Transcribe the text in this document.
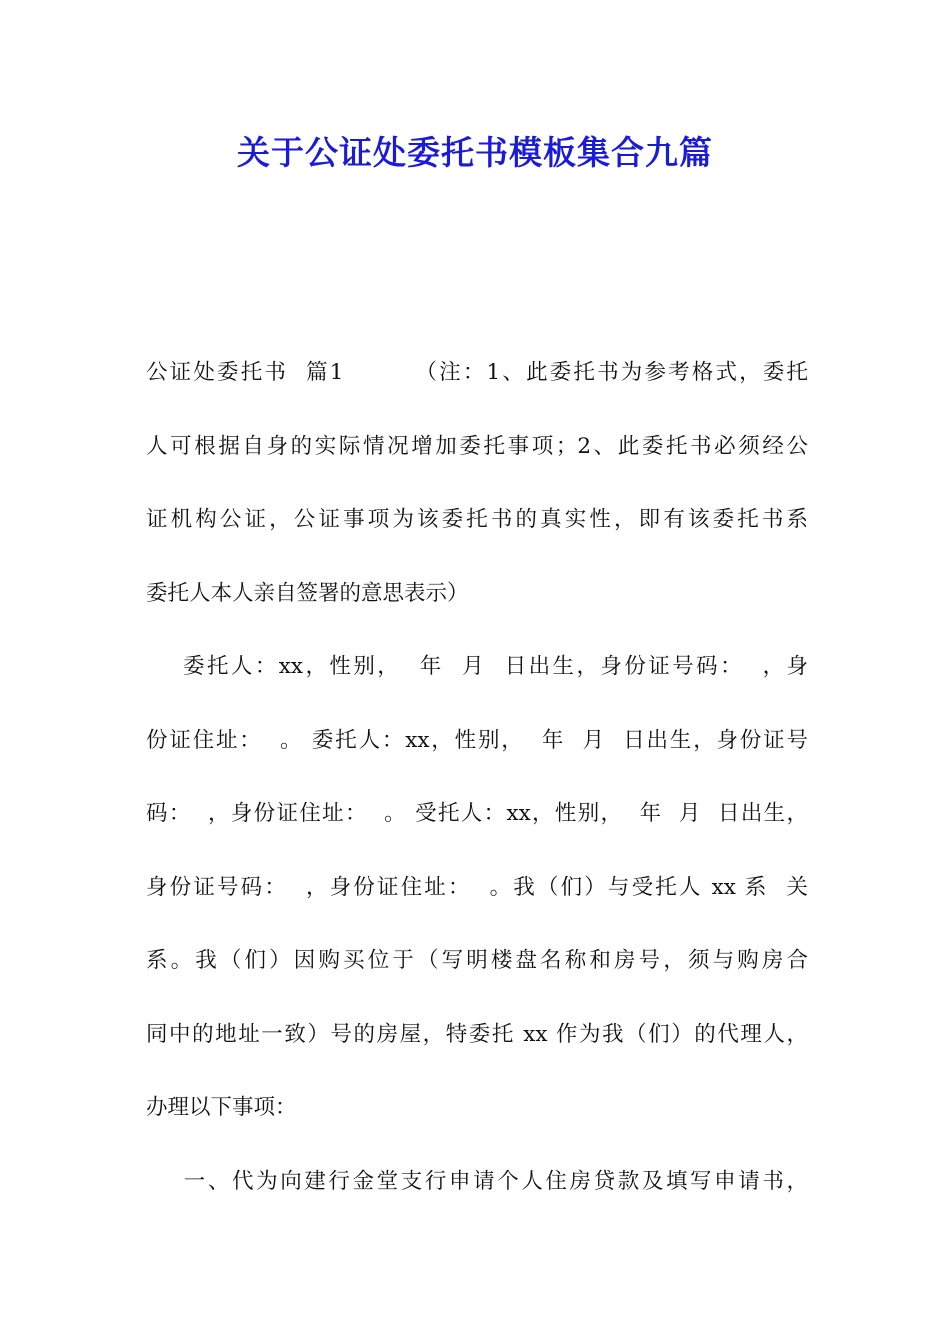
关于公证处委托书模板集合九篇
公证处委托书  篇1        （注：1、此委托书为参考格式，委托
人可根据自身的实际情况增加委托事项；2、此委托书必须经公
证机构公证，公证事项为该委托书的真实性，即有该委托书系
委托人本人亲自签署的意思表示）
委托人：xx，性别，  年  月  日出生，身份证号码：  ，身
份证住址：  。 委托人：xx，性别，  年  月  日出生，身份证号
码：  ，身份证住址：  。 受托人：xx，性别，  年  月  日出生，
身份证号码：  ，身份证住址：  。我（们）与受托人 xx 系  关
系。我（们）因购买位于（写明楼盘名称和房号，须与购房合
同中的地址一致）号的房屋，特委托 xx 作为我（们）的代理人，
办理以下事项：
一、代为向建行金堂支行申请个人住房贷款及填写申请书，
